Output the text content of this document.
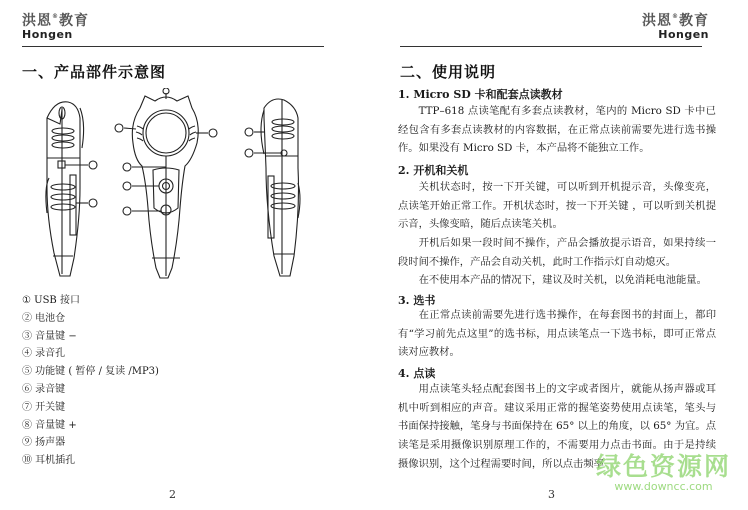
洪恩®教育
Hongen
一、产品部件示意图
① USB 接口
② 电池仓
③ 音量键 −
④ 录音孔
⑤ 功能键 ( 暂停 / 复读 /MP3)
⑥ 录音键
⑦ 开关键
⑧ 音量键 +
⑨ 扬声器
⑩ 耳机插孔
2
洪恩®教育
Hongen
二、使用说明
1. Micro SD 卡和配套点读教材
TTP–618 点读笔配有多套点读教材，笔内的 Micro SD 卡中已经包含有多套点读教材的内容数据，在正常点读前需要先进行选书操作。如果没有 Micro SD 卡，本产品将不能独立工作。
2. 开机和关机
关机状态时，按一下开关键，可以听到开机提示音，头像变亮，点读笔开始正常工作。开机状态时，按一下开关键 ，可以听到关机提示音，头像变暗，随后点读笔关机。
开机后如果一段时间不操作，产品会播放提示语音，如果持续一段时间不操作，产品会自动关机，此时工作指示灯自动熄灭。
在不使用本产品的情况下，建议及时关机，以免消耗电池能量。
3. 选书
在正常点读前需要先进行选书操作，在每套图书的封面上，都印有“学习前先点这里”的选书标，用点读笔点一下选书标，即可正常点读对应教材。
4. 点读
用点读笔头轻点配套图书上的文字或者图片，就能从扬声器或耳机中听到相应的声音。建议采用正常的握笔姿势使用点读笔，笔头与书面保持接触，笔身与书面保持在 65° 以上的角度，以 65° 为宜。点读笔是采用摄像识别原理工作的，不需要用力点击书面。由于是持续摄像识别，这个过程需要时间，所以点击频率
3
绿色资源网
www.downcc.com
